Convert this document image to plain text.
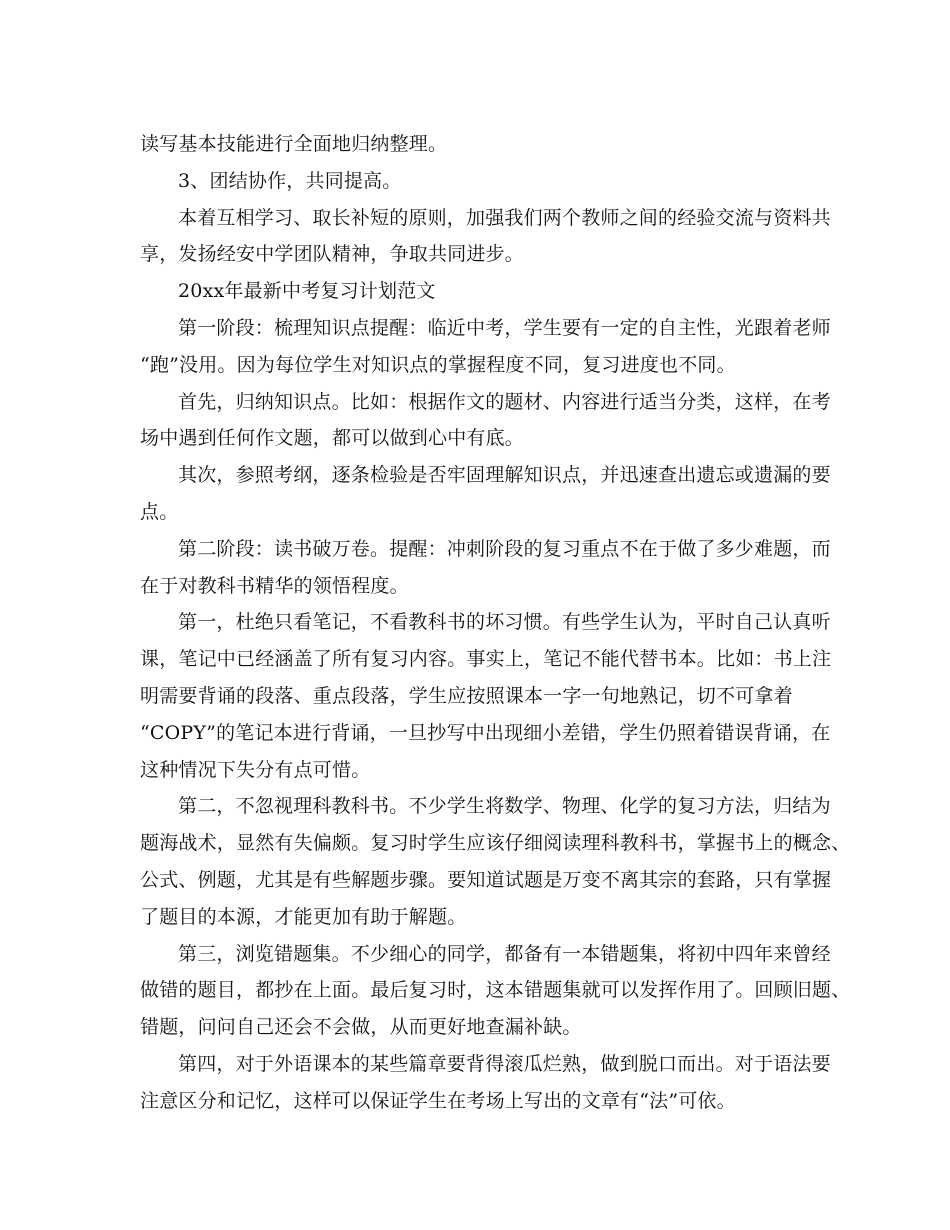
读写基本技能进行全面地归纳整理。
3、团结协作，共同提高。
本着互相学习、取长补短的原则，加强我们两个教师之间的经验交流与资料共
享，发扬经安中学团队精神，争取共同进步。
20xx年最新中考复习计划范文
第一阶段：梳理知识点提醒：临近中考，学生要有一定的自主性，光跟着老师
“跑”没用。因为每位学生对知识点的掌握程度不同，复习进度也不同。
首先，归纳知识点。比如：根据作文的题材、内容进行适当分类，这样，在考
场中遇到任何作文题，都可以做到心中有底。
其次，参照考纲，逐条检验是否牢固理解知识点，并迅速查出遗忘或遗漏的要
点。
第二阶段：读书破万卷。提醒：冲刺阶段的复习重点不在于做了多少难题，而
在于对教科书精华的领悟程度。
第一，杜绝只看笔记，不看教科书的坏习惯。有些学生认为，平时自己认真听
课，笔记中已经涵盖了所有复习内容。事实上，笔记不能代替书本。比如：书上注
明需要背诵的段落、重点段落，学生应按照课本一字一句地熟记，切不可拿着
“COPY”的笔记本进行背诵，一旦抄写中出现细小差错，学生仍照着错误背诵，在
这种情况下失分有点可惜。
第二，不忽视理科教科书。不少学生将数学、物理、化学的复习方法，归结为
题海战术，显然有失偏颇。复习时学生应该仔细阅读理科教科书，掌握书上的概念、
公式、例题，尤其是有些解题步骤。要知道试题是万变不离其宗的套路，只有掌握
了题目的本源，才能更加有助于解题。
第三，浏览错题集。不少细心的同学，都备有一本错题集，将初中四年来曾经
做错的题目，都抄在上面。最后复习时，这本错题集就可以发挥作用了。回顾旧题、
错题，问问自己还会不会做，从而更好地查漏补缺。
第四，对于外语课本的某些篇章要背得滚瓜烂熟，做到脱口而出。对于语法要
注意区分和记忆，这样可以保证学生在考场上写出的文章有“法”可依。
